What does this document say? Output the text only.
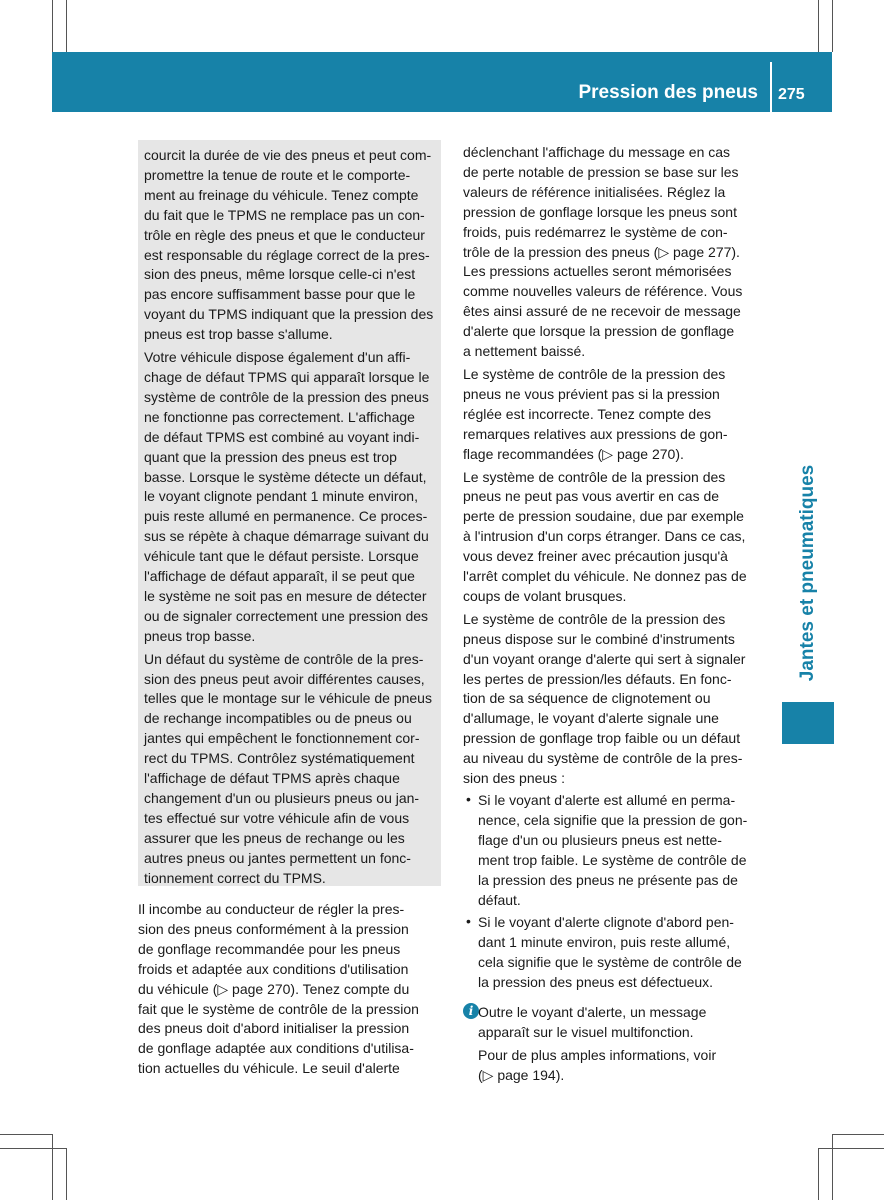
Pression des pneus 275

courcit la durée de vie des pneus et peut com-

promettre la tenue de route et le comporte-

ment au freinage du véhicule. Tenez compte

du fait que le TPMS ne remplace pas un con-

trôle en règle des pneus et que le conducteur

est responsable du réglage correct de la pres-

sion des pneus, même lorsque celle-ci n'est

pas encore suffisamment basse pour que le

voyant du TPMS indiquant que la pression des

pneus est trop basse s'allume.

Votre véhicule dispose également d'un affi-

chage de défaut TPMS qui apparaît lorsque le

système de contrôle de la pression des pneus

ne fonctionne pas correctement. L'affichage

de défaut TPMS est combiné au voyant indi-

quant que la pression des pneus est trop

basse. Lorsque le système détecte un défaut,

le voyant clignote pendant 1 minute environ,

puis reste allumé en permanence. Ce proces-

sus se répète à chaque démarrage suivant du

véhicule tant que le défaut persiste. Lorsque

l'affichage de défaut apparaît, il se peut que

le système ne soit pas en mesure de détecter

ou de signaler correctement une pression des

pneus trop basse.

Un défaut du système de contrôle de la pres-

sion des pneus peut avoir différentes causes,

telles que le montage sur le véhicule de pneus

de rechange incompatibles ou de pneus ou

jantes qui empêchent le fonctionnement cor-

rect du TPMS. Contrôlez systématiquement

l'affichage de défaut TPMS après chaque

changement d'un ou plusieurs pneus ou jan-

tes effectué sur votre véhicule afin de vous

assurer que les pneus de rechange ou les

autres pneus ou jantes permettent un fonc-

tionnement correct du TPMS.

Il incombe au conducteur de régler la pres-

sion des pneus conformément à la pression

de gonflage recommandée pour les pneus

froids et adaptée aux conditions d'utilisation

du véhicule (▷ page 270). Tenez compte du

fait que le système de contrôle de la pression

des pneus doit d'abord initialiser la pression

de gonflage adaptée aux conditions d'utilisa-

tion actuelles du véhicule. Le seuil d'alerte

déclenchant l'affichage du message en cas

de perte notable de pression se base sur les

valeurs de référence initialisées. Réglez la

pression de gonflage lorsque les pneus sont

froids, puis redémarrez le système de con-

trôle de la pression des pneus (▷ page 277).

Les pressions actuelles seront mémorisées

comme nouvelles valeurs de référence. Vous

êtes ainsi assuré de ne recevoir de message

d'alerte que lorsque la pression de gonflage

a nettement baissé.

Le système de contrôle de la pression des

pneus ne vous prévient pas si la pression

réglée est incorrecte. Tenez compte des

remarques relatives aux pressions de gon-

flage recommandées (▷ page 270).

Le système de contrôle de la pression des

pneus ne peut pas vous avertir en cas de

perte de pression soudaine, due par exemple

à l'intrusion d'un corps étranger. Dans ce cas,

vous devez freiner avec précaution jusqu'à

l'arrêt complet du véhicule. Ne donnez pas de

coups de volant brusques.

Le système de contrôle de la pression des

pneus dispose sur le combiné d'instruments

d'un voyant orange d'alerte qui sert à signaler

les pertes de pression/les défauts. En fonc-

tion de sa séquence de clignotement ou

d'allumage, le voyant d'alerte signale une

pression de gonflage trop faible ou un défaut

au niveau du système de contrôle de la pres-

sion des pneus :

• Si le voyant d'alerte est allumé en perma-

nence, cela signifie que la pression de gon-

flage d'un ou plusieurs pneus est nette-

ment trop faible. Le système de contrôle de

la pression des pneus ne présente pas de

défaut.

• Si le voyant d'alerte clignote d'abord pen-

dant 1 minute environ, puis reste allumé,

cela signifie que le système de contrôle de

la pression des pneus est défectueux.

i Outre le voyant d'alerte, un message

apparaît sur le visuel multifonction.

Pour de plus amples informations, voir

(▷ page 194).

Jantes et pneumatiques
